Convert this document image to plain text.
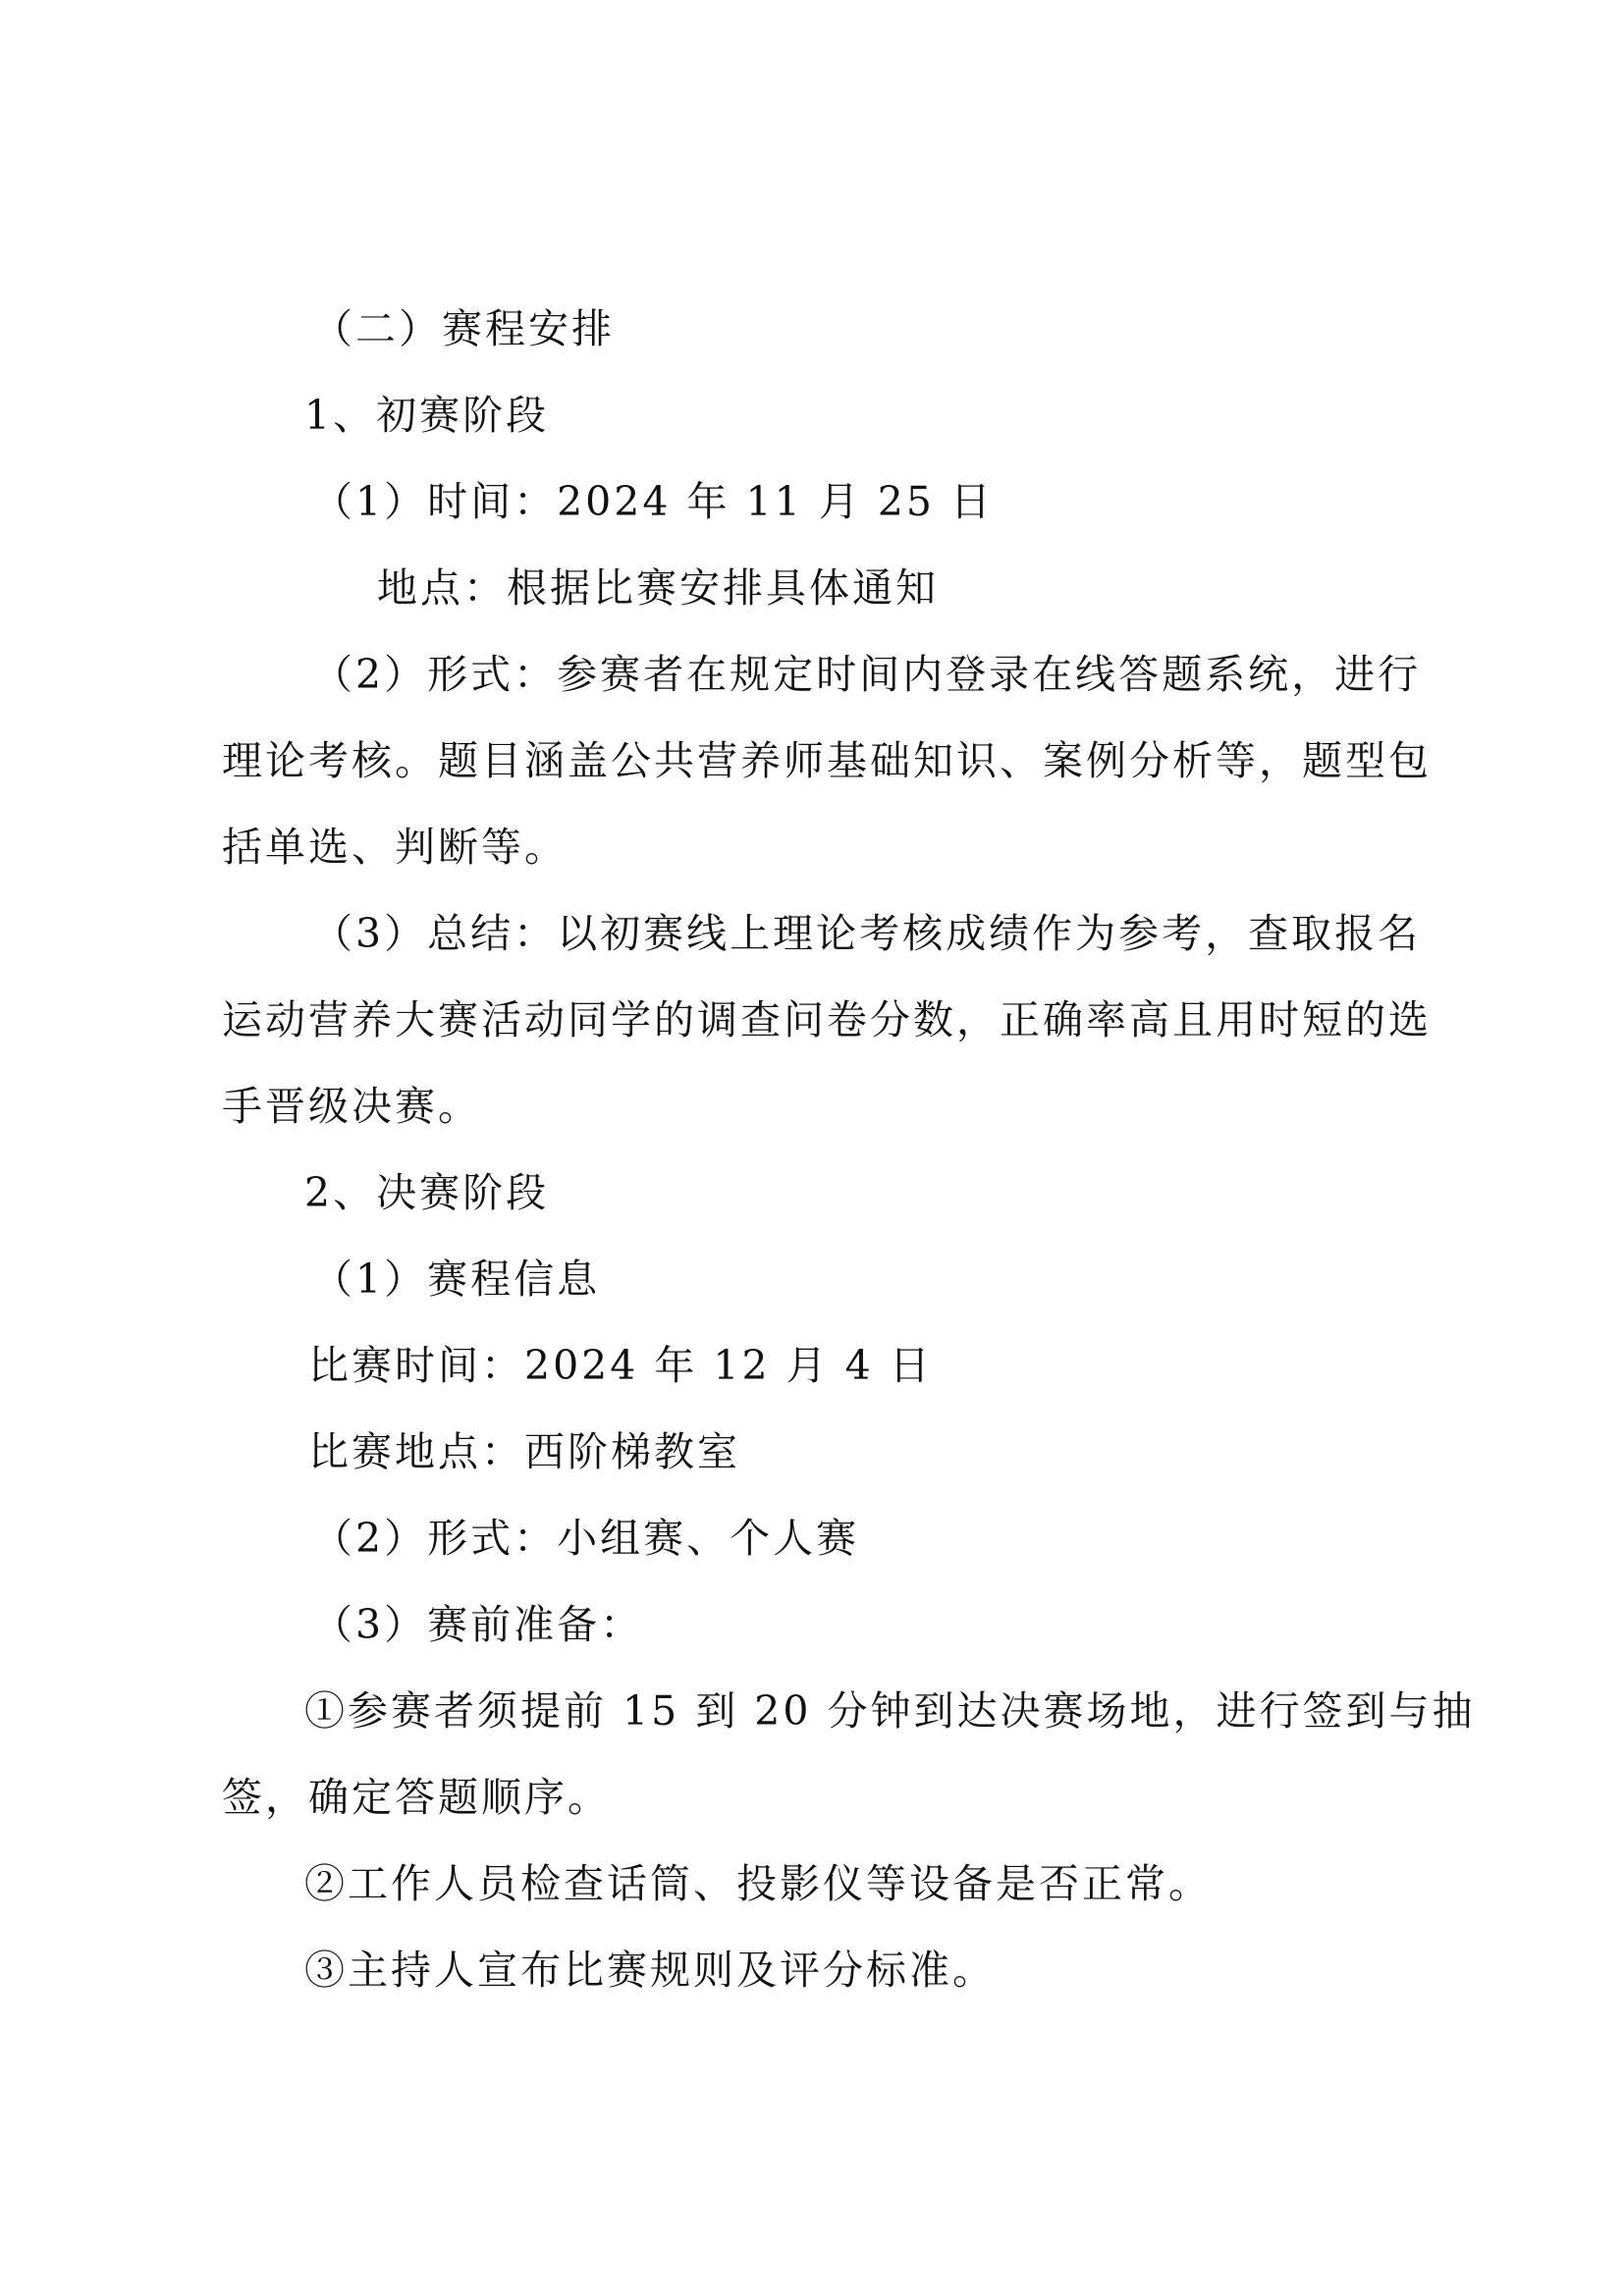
（二）赛程安排
1、初赛阶段
（1）时间：2024 年 11 月 25 日
地点：根据比赛安排具体通知
（2）形式：参赛者在规定时间内登录在线答题系统，进行
理论考核。题目涵盖公共营养师基础知识、案例分析等，题型包
括单选、判断等。
（3）总结：以初赛线上理论考核成绩作为参考，查取报名
运动营养大赛活动同学的调查问卷分数，正确率高且用时短的选
手晋级决赛。
2、决赛阶段
（1）赛程信息
比赛时间：2024 年 12 月 4 日
比赛地点：西阶梯教室
（2）形式：小组赛、个人赛
（3）赛前准备：
①参赛者须提前 15 到 20 分钟到达决赛场地，进行签到与抽
签，确定答题顺序。
②工作人员检查话筒、投影仪等设备是否正常。
③主持人宣布比赛规则及评分标准。
